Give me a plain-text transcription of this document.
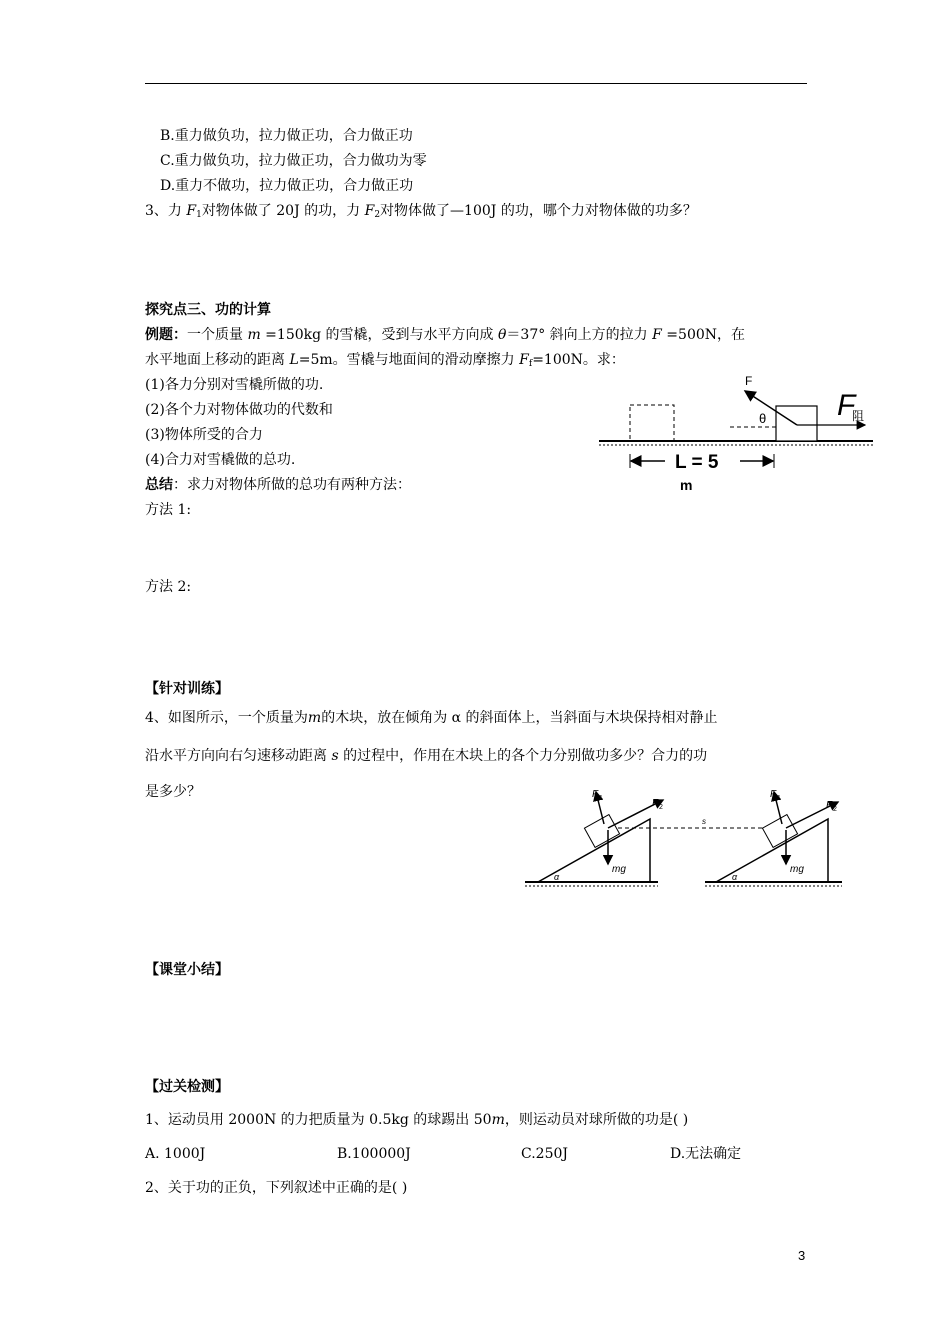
B.重力做负功，拉力做正功，合力做正功
C.重力做负功，拉力做正功，合力做功为零
D.重力不做功，拉力做正功，合力做正功
3、力 $F_1$对物体做了 20J 的功，力 $F_2$对物体做了—100J 的功，哪个力对物体做的功多？
探究点三、功的计算
例题：一个质量 m =150kg 的雪橇，受到与水平方向成 θ＝37° 斜向上方的拉力 F =500N，在
水平地面上移动的距离 L=5m。雪橇与地面间的滑动摩擦力 $F_f=100N$。求：
(1)各力分别对雪橇所做的功.
(2)各个力对物体做功的代数和
(3)物体所受的合力
(4)合力对雪橇做的总功.
总结：求力对物体所做的总功有两种方法：
方法 1:
方法 2:
F
θ F
阻
L = 5
m
【针对训练】
4、如图所示，一个质量为m的木块，放在倾角为 α 的斜面体上，当斜面与木块保持相对静止
沿水平方向向右匀速移动距离 s 的过程中，作用在木块上的各个力分别做功多少？合力的功
是多少？	F 1	F 2
mg
α
s
F 1
F 2
mg
α
【课堂小结】
【过关检测】
1、运动员用 2000N 的力把质量为 0.5kg 的球踢出 50m，则运动员对球所做的功是( )
A. 1000J	B.100000J	C.250J	D.无法确定
2、关于功的正负，下列叙述中正确的是( )
3
